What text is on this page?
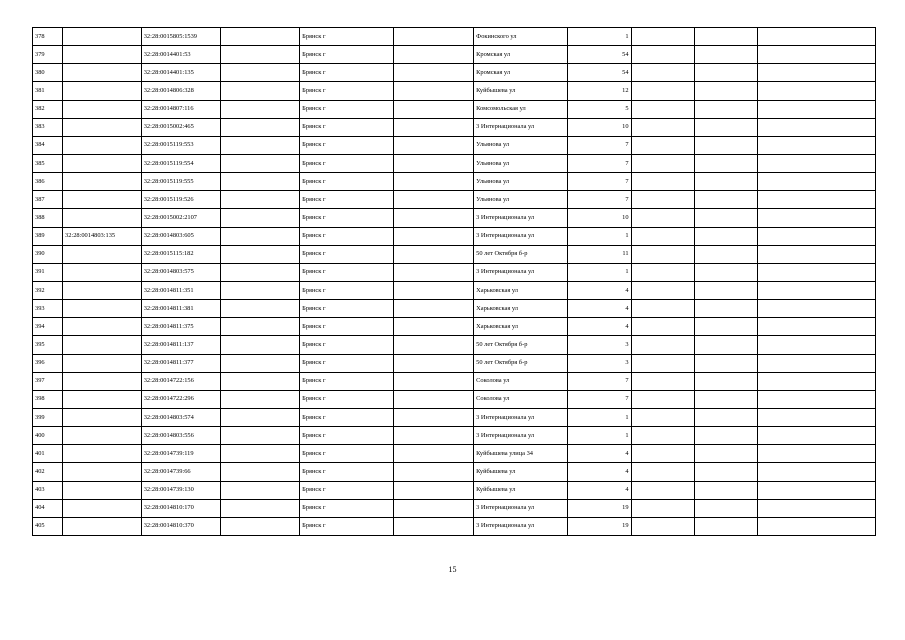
378		32:28:0015805:1539		Брянск г		Фокинского ул	1			
379		32:28:0014401:53		Брянск г		Кромская ул	54			
380		32:28:0014401:135		Брянск г		Кромская ул	54			
381		32:28:0014806:328		Брянск г		Куйбышева ул	12			
382		32:28:0014807:116		Брянск г		Комсомольская ул	5			
383		32:28:0015002:465		Брянск г		3 Интернационала ул	10			
384		32:28:0015119:553		Брянск г		Ульянова ул	7			
385		32:28:0015119:554		Брянск г		Ульянова ул	7			
386		32:28:0015119:555		Брянск г		Ульянова ул	7			
387		32:28:0015119:526		Брянск г		Ульянова ул	7			
388		32:28:0015002:2107		Брянск г		3 Интернационала ул	10			
389	32:28:0014803:135	32:28:0014803:605		Брянск г		3 Интернационала ул	1			
390		32:28:0015115:182		Брянск г		50 лет Октября б-р	11			
391		32:28:0014803:575		Брянск г		3 Интернационала ул	1			
392		32:28:0014811:351		Брянск г		Харьковская ул	4			
393		32:28:0014811:381		Брянск г		Харьковская ул	4			
394		32:28:0014811:375		Брянск г		Харьковская ул	4			
395		32:28:0014811:137		Брянск г		50 лет Октября б-р	3			
396		32:28:0014811:377		Брянск г		50 лет Октября б-р	3			
397		32:28:0014722:156		Брянск г		Соколова ул	7			
398		32:28:0014722:296		Брянск г		Соколова ул	7			
399		32:28:0014803:574		Брянск г		3 Интернационала ул	1			
400		32:28:0014803:556		Брянск г		3 Интернационала ул	1			
401		32:28:0014739:119		Брянск г		Куйбышева улица 34	4			
402		32:28:0014739:66		Брянск г		Куйбышева ул	4			
403		32:28:0014739:130		Брянск г		Куйбышева ул	4			
404		32:28:0014810:170		Брянск г		3 Интернационала ул	19			
405		32:28:0014810:370		Брянск г		3 Интернационала ул	19			
15
